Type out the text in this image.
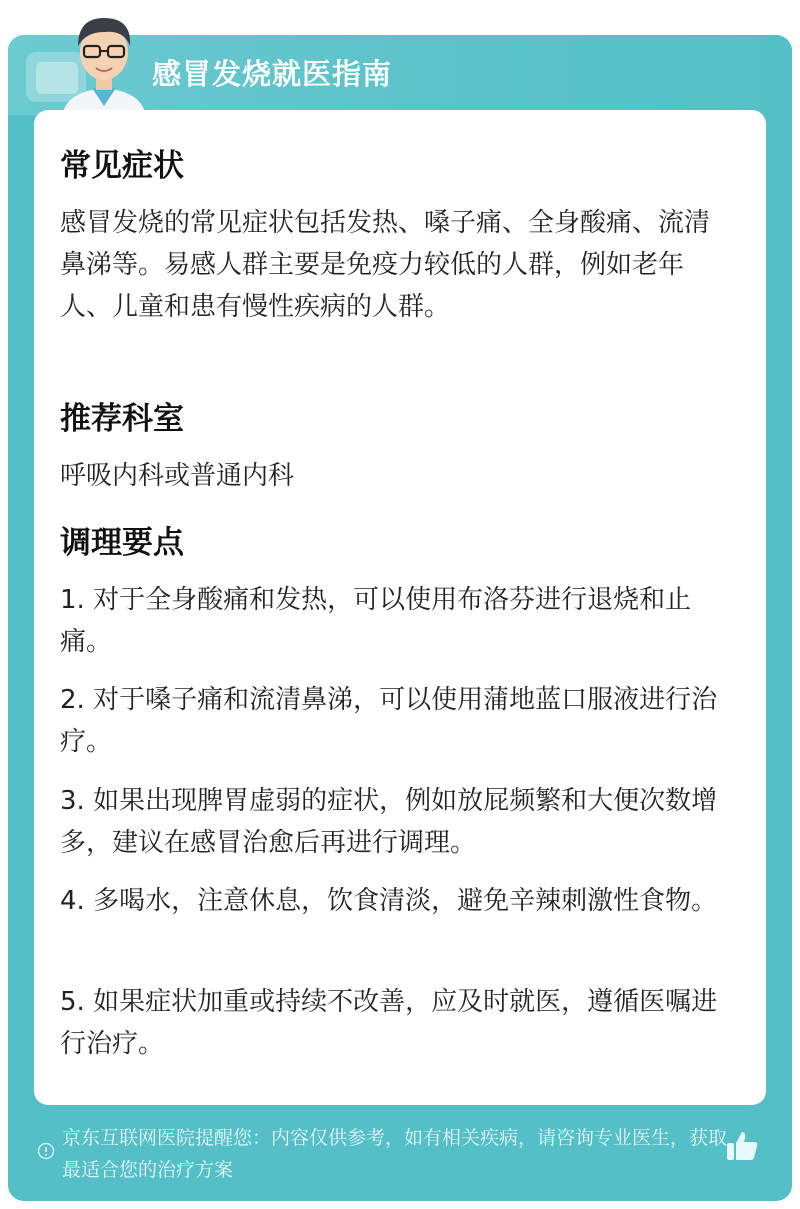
感冒发烧就医指南
常见症状
感冒发烧的常见症状包括发热、嗓子痛、全身酸痛、流清鼻涕等。易感人群主要是免疫力较低的人群，例如老年人、儿童和患有慢性疾病的人群。
推荐科室
呼吸内科或普通内科
调理要点
1. 对于全身酸痛和发热，可以使用布洛芬进行退烧和止痛。
2. 对于嗓子痛和流清鼻涕，可以使用蒲地蓝口服液进行治疗。
3. 如果出现脾胃虚弱的症状，例如放屁频繁和大便次数增多，建议在感冒治愈后再进行调理。
4. 多喝水，注意休息，饮食清淡，避免辛辣刺激性食物。
5. 如果症状加重或持续不改善，应及时就医，遵循医嘱进行治疗。
京东互联网医院提醒您：内容仅供参考，如有相关疾病，请咨询专业医生，获取最适合您的治疗方案
